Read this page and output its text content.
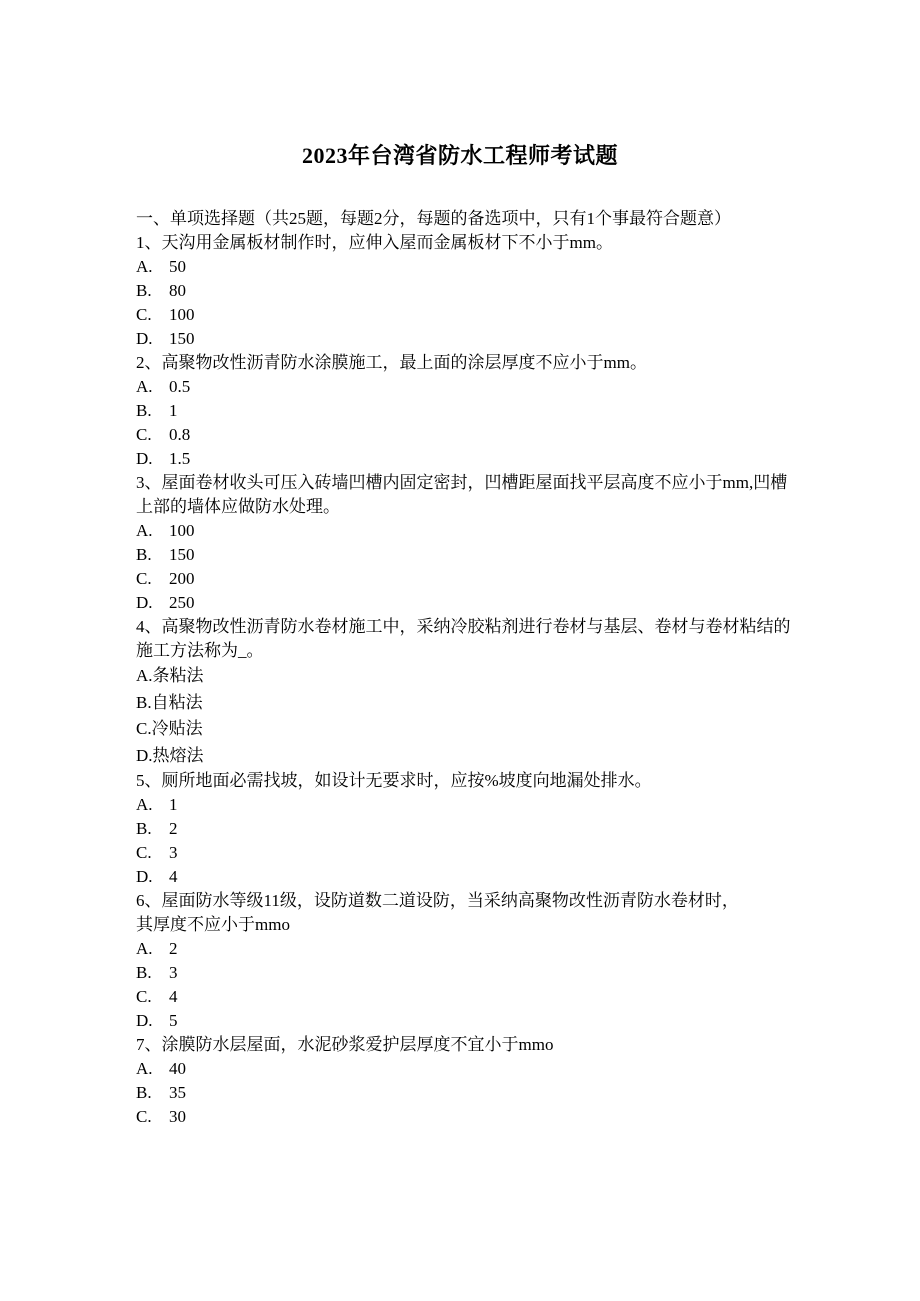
2023年台湾省防水工程师考试题

一、单项选择题（共25题，每题2分，每题的备选项中，只有1个事最符合题意）

1、天沟用金属板材制作时，应伸入屋而金属板材下不小于mm。

A. 50
B. 80
C. 100
D. 150

2、高聚物改性沥青防水涂膜施工，最上面的涂层厚度不应小于mm。

A. 0.5
B. 1
C. 0.8
D. 1.5

3、屋面卷材收头可压入砖墙凹槽内固定密封，凹槽距屋面找平层高度不应小于mm,凹槽上部的墙体应做防水处理。

A. 100
B. 150
C. 200
D. 250

4、高聚物改性沥青防水卷材施工中，采纳冷胶粘剂进行卷材与基层、卷材与卷材粘结的施工方法称为_。

A.条粘法
B.自粘法
C.冷贴法
D.热熔法

5、厕所地面必需找坡，如设计无要求时，应按%坡度向地漏处排水。

A. 1
B. 2
C. 3
D. 4

6、屋面防水等级11级，设防道数二道设防，当采纳高聚物改性沥青防水卷材时，

其厚度不应小于mmo

A. 2
B. 3
C. 4
D. 5

7、涂膜防水层屋面，水泥砂浆爱护层厚度不宜小于mmo

A. 40
B. 35
C. 30
